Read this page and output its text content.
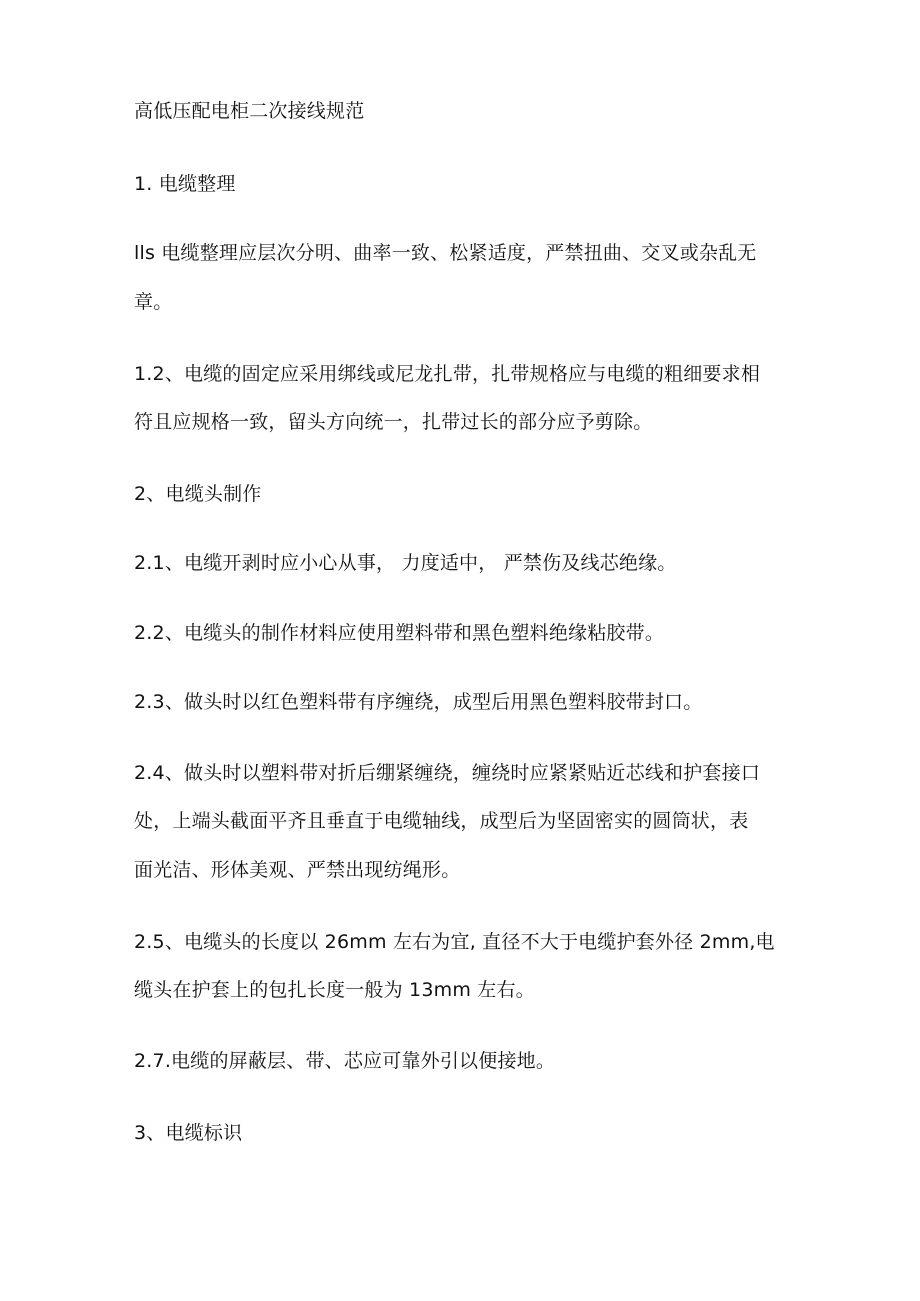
高低压配电柜二次接线规范
1. 电缆整理
lls 电缆整理应层次分明、曲率一致、松紧适度，严禁扭曲、交叉或杂乱无
章。
1.2、电缆的固定应采用绑线或尼龙扎带，扎带规格应与电缆的粗细要求相
符且应规格一致，留头方向统一，扎带过长的部分应予剪除。
2、电缆头制作
2.1、电缆开剥时应小心从事， 力度适中， 严禁伤及线芯绝缘。
2.2、电缆头的制作材料应使用塑料带和黑色塑料绝缘粘胶带。
2.3、做头时以红色塑料带有序缠绕，成型后用黑色塑料胶带封口。
2.4、做头时以塑料带对折后绷紧缠绕，缠绕时应紧紧贴近芯线和护套接口
处，上端头截面平齐且垂直于电缆轴线，成型后为坚固密实的圆筒状，表
面光洁、形体美观、严禁出现纺绳形。
2.5、电缆头的长度以 26mm 左右为宜, 直径不大于电缆护套外径 2mm,电
缆头在护套上的包扎长度一般为 13mm 左右。
2.7.电缆的屏蔽层、带、芯应可靠外引以便接地。
3、电缆标识
